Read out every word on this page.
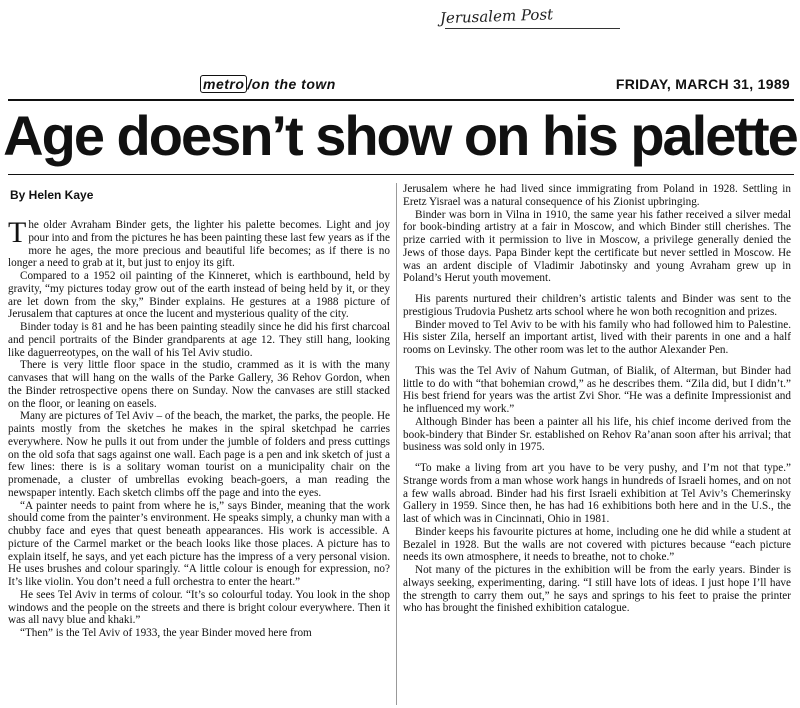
Jerusalem Post
metro /on the town	FRIDAY, MARCH 31, 1989
Age doesn’t show on his palette
By Helen Kaye

The older Avraham Binder gets, the lighter his palette becomes. Light and joy pour into and from the pictures he has been painting these last few years as if the more he ages, the more precious and beautiful life becomes; as if there is no longer a need to grab at it, but just to enjoy its gift.

Compared to a 1952 oil painting of the Kinneret, which is earthbound, held by gravity, “my pictures today grow out of the earth instead of being held by it, or they are let down from the sky,” Binder explains. He gestures at a 1988 picture of Jerusalem that captures at once the lucent and mysterious quality of the city.

Binder today is 81 and he has been painting steadily since he did his first charcoal and pencil portraits of the Binder grandparents at age 12. They still hang, looking like daguerreotypes, on the wall of his Tel Aviv studio.

There is very little floor space in the studio, crammed as it is with the many canvases that will hang on the walls of the Parke Gallery, 36 Rehov Gordon, when the Binder retrospective opens there on Sunday. Now the canvases are still stacked on the floor, or leaning on easels.

Many are pictures of Tel Aviv – of the beach, the market, the parks, the people. He paints mostly from the sketches he makes in the spiral sketchpad he carries everywhere. Now he pulls it out from under the jumble of folders and press cuttings on the old sofa that sags against one wall. Each page is a pen and ink sketch of just a few lines: there is is a solitary woman tourist on a municipality chair on the promenade, a cluster of umbrellas evoking beach-goers, a man reading the newspaper intently. Each sketch climbs off the page and into the eyes.

“A painter needs to paint from where he is,” says Binder, meaning that the work should come from the painter’s environment. He speaks simply, a chunky man with a chubby face and eyes that quest beneath appearances. His work is accessible. A picture of the Carmel market or the beach looks like those places. A picture has to explain itself, he says, and yet each picture has the impress of a very personal vision. He uses brushes and colour sparingly. “A little colour is enough for expression, no? It’s like violin. You don’t need a full orchestra to enter the heart.”

He sees Tel Aviv in terms of colour. “It’s so colourful today. You look in the shop windows and the people on the streets and there is bright colour everywhere. Then it was all navy blue and khaki.”

“Then” is the Tel Aviv of 1933, the year Binder moved here from

Jerusalem where he had lived since immigrating from Poland in 1928. Settling in Eretz Yisrael was a natural consequence of his Zionist upbringing.

Binder was born in Vilna in 1910, the same year his father received a silver medal for book-binding artistry at a fair in Moscow, and which Binder still cherishes. The prize carried with it permission to live in Moscow, a privilege generally denied the Jews of those days. Papa Binder kept the certificate but never settled in Moscow. He was an ardent disciple of Vladimir Jabotinsky and young Avraham grew up in Poland’s Herut youth movement.

His parents nurtured their children’s artistic talents and Binder was sent to the prestigious Trudovia Pushetz arts school where he won both recognition and prizes.

Binder moved to Tel Aviv to be with his family who had followed him to Palestine. His sister Zila, herself an important artist, lived with their parents in one and a half rooms on Levinsky. The other room was let to the author Alexander Pen.

This was the Tel Aviv of Nahum Gutman, of Bialik, of Alterman, but Binder had little to do with “that bohemian crowd,” as he describes them. “Zila did, but I didn’t.” His best friend for years was the artist Zvi Shor. “He was a definite Impressionist and he influenced my work.”

Although Binder has been a painter all his life, his chief income derived from the book-bindery that Binder Sr. established on Rehov Ra’anan soon after his arrival; that business was sold only in 1975.

“To make a living from art you have to be very pushy, and I’m not that type.” Strange words from a man whose work hangs in hundreds of Israeli homes, and on not a few walls abroad. Binder had his first Israeli exhibition at Tel Aviv’s Chemerinsky Gallery in 1959. Since then, he has had 16 exhibitions both here and in the U.S., the last of which was in Cincinnati, Ohio in 1981.

Binder keeps his favourite pictures at home, including one he did while a student at Bezalel in 1928. But the walls are not covered with pictures because “each picture needs its own atmosphere, it needs to breathe, not to choke.”

Not many of the pictures in the exhibition will be from the early years. Binder is always seeking, experimenting, daring. “I still have lots of ideas. I just hope I’ll have the strength to carry them out,” he says and springs to his feet to praise the printer who has brought the finished exhibition catalogue.
